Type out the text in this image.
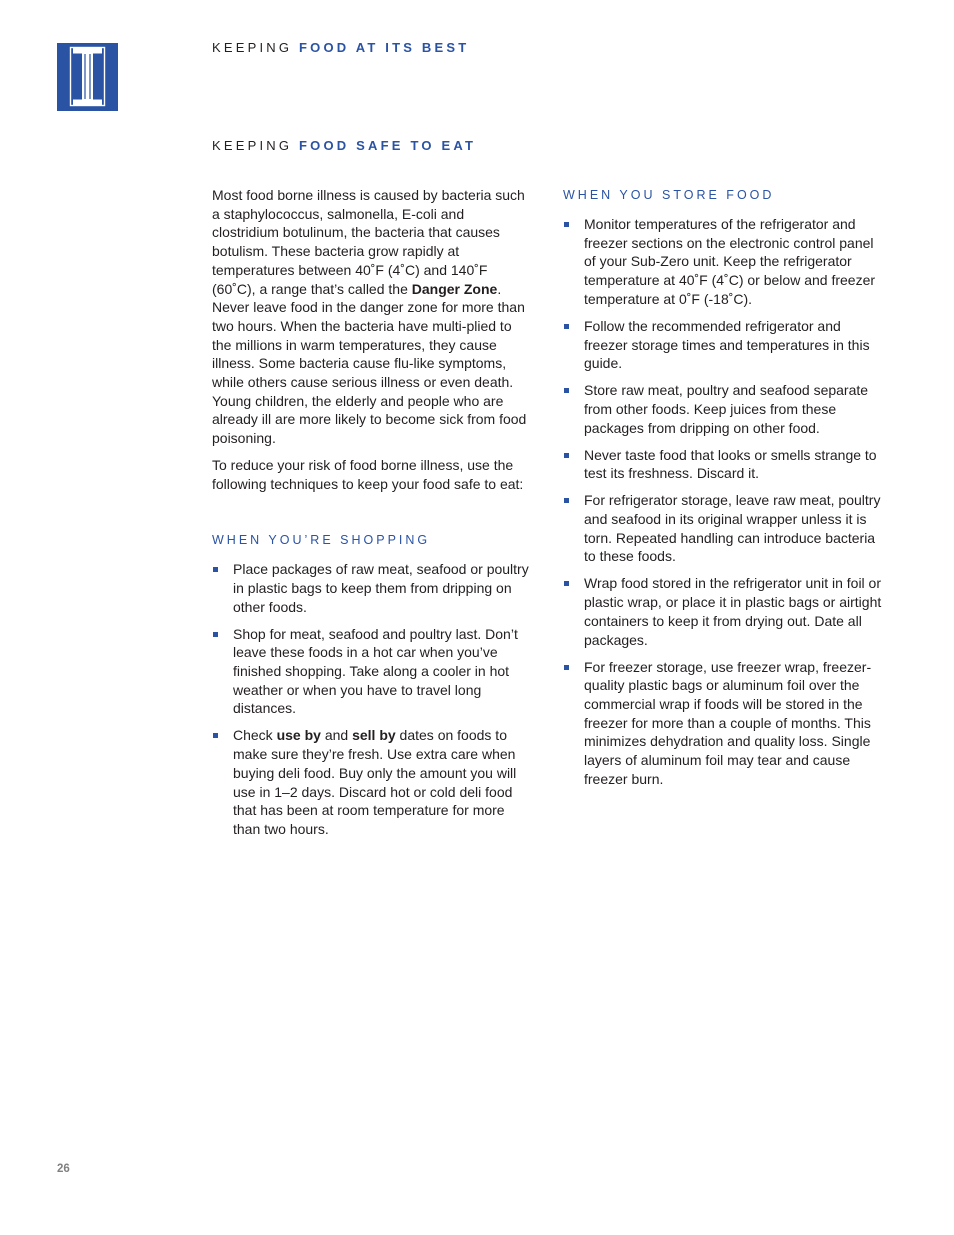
KEEPING FOOD AT ITS BEST
KEEPING FOOD SAFE TO EAT

Most food borne illness is caused by bacteria such a staphylococcus, salmonella, E-coli and clostridium botulinum, the bacteria that causes botulism. These bacteria grow rapidly at temperatures between 40˚F (4˚C) and 140˚F (60˚C), a range that’s called the Danger Zone. Never leave food in the danger zone for more than two hours. When the bacteria have multi-plied to the millions in warm temperatures, they cause illness. Some bacteria cause flu-like symptoms, while others cause serious illness or even death. Young children, the elderly and people who are already ill are more likely to become sick from food poisoning.

To reduce your risk of food borne illness, use the following techniques to keep your food safe to eat:

WHEN YOU’RE SHOPPING
Place packages of raw meat, seafood or poultry in plastic bags to keep them from dripping on other foods.
Shop for meat, seafood and poultry last. Don’t leave these foods in a hot car when you’ve finished shopping. Take along a cooler in hot weather or when you have to travel long distances.
Check use by and sell by dates on foods to make sure they’re fresh. Use extra care when buying deli food. Buy only the amount you will use in 1–2 days. Discard hot or cold deli food that has been at room temperature for more than two hours.
WHEN YOU STORE FOOD
Monitor temperatures of the refrigerator and freezer sections on the electronic control panel of your Sub-Zero unit. Keep the refrigerator temperature at 40˚F (4˚C) or below and freezer temperature at 0˚F (-18˚C).
Follow the recommended refrigerator and freezer storage times and temperatures in this guide.
Store raw meat, poultry and seafood separate from other foods. Keep juices from these packages from dripping on other food.
Never taste food that looks or smells strange to test its freshness. Discard it.
For refrigerator storage, leave raw meat, poultry and seafood in its original wrapper unless it is torn. Repeated handling can introduce bacteria to these foods.
Wrap food stored in the refrigerator unit in foil or plastic wrap, or place it in plastic bags or airtight containers to keep it from drying out. Date all packages.
For freezer storage, use freezer wrap, freezer-quality plastic bags or aluminum foil over the commercial wrap if foods will be stored in the freezer for more than a couple of months. This minimizes dehydration and quality loss. Single layers of aluminum foil may tear and cause freezer burn.
26
